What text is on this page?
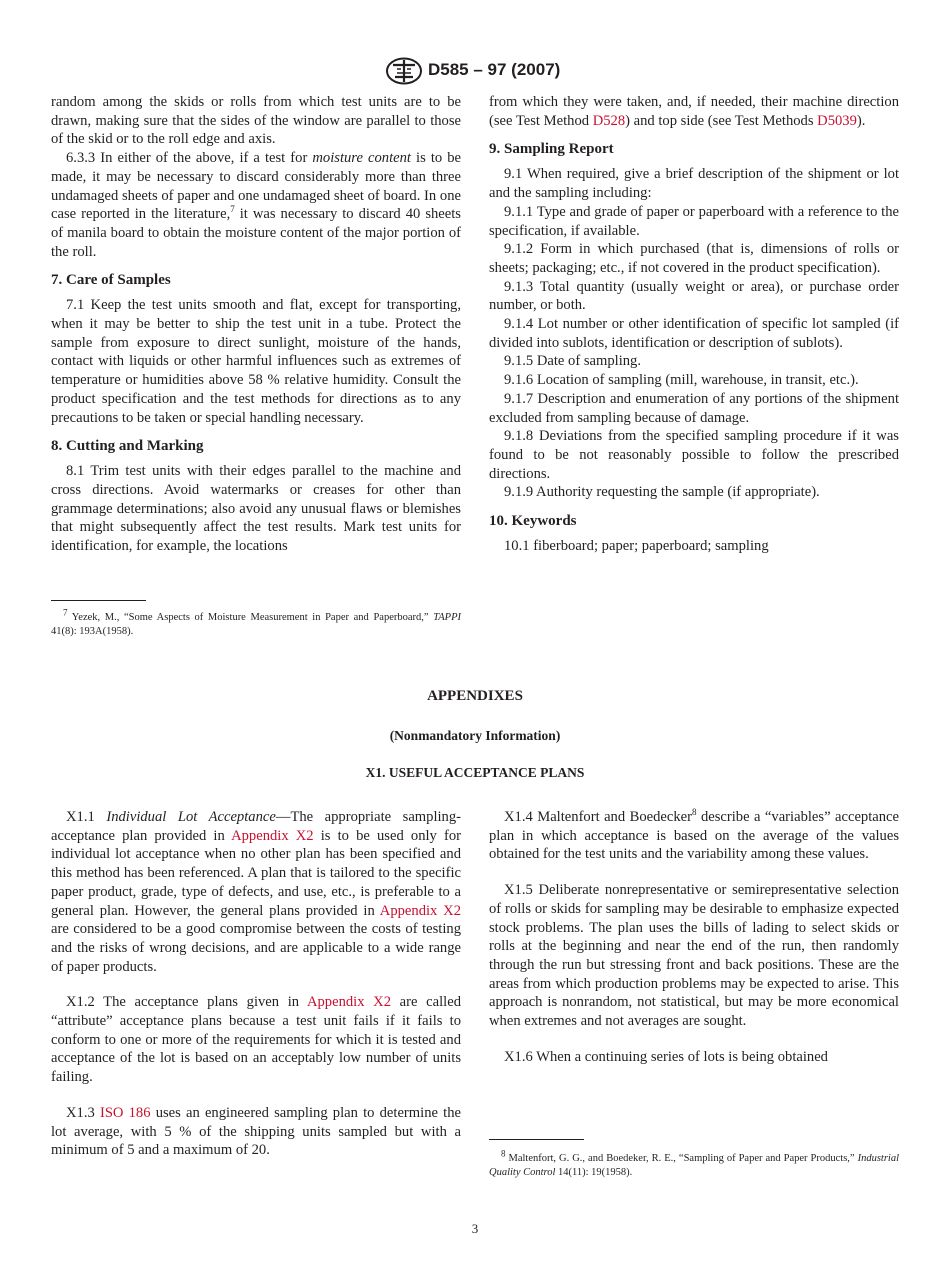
D585 – 97 (2007)

random among the skids or rolls from which test units are to be drawn, making sure that the sides of the window are parallel to those of the skid or to the roll edge and axis.

6.3.3 In either of the above, if a test for moisture content is to be made, it may be necessary to discard considerably more than three undamaged sheets of paper and one undamaged sheet of board. In one case reported in the literature,$^7$ it was necessary to discard 40 sheets of manila board to obtain the moisture content of the major portion of the roll.

7. Care of Samples

7.1 Keep the test units smooth and flat, except for transporting, when it may be better to ship the test unit in a tube. Protect the sample from exposure to direct sunlight, moisture of the hands, contact with liquids or other harmful influences such as extremes of temperature or humidities above 58 % relative humidity. Consult the product specification and the test methods for directions as to any precautions to be taken or special handling necessary.

8. Cutting and Marking

8.1 Trim test units with their edges parallel to the machine and cross directions. Avoid watermarks or creases for other than grammage determinations; also avoid any unusual flaws or blemishes that might subsequently affect the test results. Mark test units for identification, for example, the locations

$^7$ Yezek, M., “Some Aspects of Moisture Measurement in Paper and Paperboard,” TAPPI 41(8): 193A(1958).

from which they were taken, and, if needed, their machine direction (see Test Method D528) and top side (see Test Methods D5039).

9. Sampling Report

9.1 When required, give a brief description of the shipment or lot and the sampling including:

9.1.1 Type and grade of paper or paperboard with a reference to the specification, if available.

9.1.2 Form in which purchased (that is, dimensions of rolls or sheets; packaging; etc., if not covered in the product specification).

9.1.3 Total quantity (usually weight or area), or purchase order number, or both.

9.1.4 Lot number or other identification of specific lot sampled (if divided into sublots, identification or description of sublots).

9.1.5 Date of sampling.

9.1.6 Location of sampling (mill, warehouse, in transit, etc.).

9.1.7 Description and enumeration of any portions of the shipment excluded from sampling because of damage.

9.1.8 Deviations from the specified sampling procedure if it was found to be not reasonably possible to follow the prescribed directions.

9.1.9 Authority requesting the sample (if appropriate).

10. Keywords

10.1 fiberboard; paper; paperboard; sampling

APPENDIXES
(Nonmandatory Information)
X1. USEFUL ACCEPTANCE PLANS

X1.1 Individual Lot Acceptance—The appropriate sampling-acceptance plan provided in Appendix X2 is to be used only for individual lot acceptance when no other plan has been specified and this method has been referenced. A plan that is tailored to the specific paper product, grade, type of defects, and use, etc., is preferable to a general plan. However, the general plans provided in Appendix X2 are considered to be a good compromise between the costs of testing and the risks of wrong decisions, and are applicable to a wide range of paper products.

X1.2 The acceptance plans given in Appendix X2 are called “attribute” acceptance plans because a test unit fails if it fails to conform to one or more of the requirements for which it is tested and acceptance of the lot is based on an acceptably low number of units failing.

X1.3 ISO 186 uses an engineered sampling plan to determine the lot average, with 5 % of the shipping units sampled but with a minimum of 5 and a maximum of 20.

X1.4 Maltenfort and Boedecker$^8$ describe a “variables” acceptance plan in which acceptance is based on the average of the values obtained for the test units and the variability among these values.

X1.5 Deliberate nonrepresentative or semirepresentative selection of rolls or skids for sampling may be desirable to emphasize expected stock problems. The plan uses the bills of lading to select skids or rolls at the beginning and near the end of the run, then randomly through the run but stressing front and back positions. These are the areas from which production problems may be expected to arise. This approach is nonrandom, not statistical, but may be more economical when extremes and not averages are sought.

X1.6 When a continuing series of lots is being obtained

$^8$ Maltenfort, G. G., and Boedeker, R. E., “Sampling of Paper and Paper Products,” Industrial Quality Control 14(11): 19(1958).

3
